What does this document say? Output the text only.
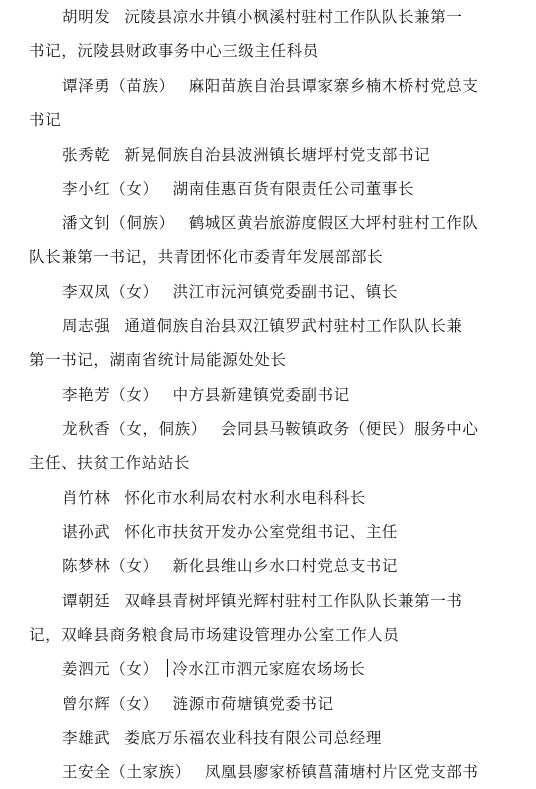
胡明发 沅陵县凉水井镇小枫溪村驻村工作队队长兼第一
书记，沅陵县财政事务中心三级主任科员
谭泽勇（苗族） 麻阳苗族自治县谭家寨乡楠木桥村党总支
书记
张秀乾 新晃侗族自治县波洲镇长塘坪村党支部书记
李小红（女） 湖南佳惠百货有限责任公司董事长
潘文钊（侗族） 鹤城区黄岩旅游度假区大坪村驻村工作队
队长兼第一书记，共青团怀化市委青年发展部部长
李双凤（女） 洪江市沅河镇党委副书记、镇长
周志强 通道侗族自治县双江镇罗武村驻村工作队队长兼
第一书记，湖南省统计局能源处处长
李艳芳（女） 中方县新建镇党委副书记
龙秋香（女，侗族） 会同县马鞍镇政务（便民）服务中心
主任、扶贫工作站站长
肖竹林 怀化市水利局农村水利水电科科长
谌孙武 怀化市扶贫开发办公室党组书记、主任
陈梦林（女） 新化县维山乡水口村党总支书记
谭朝廷 双峰县青树坪镇光辉村驻村工作队队长兼第一书
记，双峰县商务粮食局市场建设管理办公室工作人员
姜泗元（女） 冷水江市泗元家庭农场场长
曾尔辉（女） 涟源市荷塘镇党委书记
李雄武 娄底万乐福农业科技有限公司总经理
王安全（土家族） 凤凰县廖家桥镇菖蒲塘村片区党支部书
